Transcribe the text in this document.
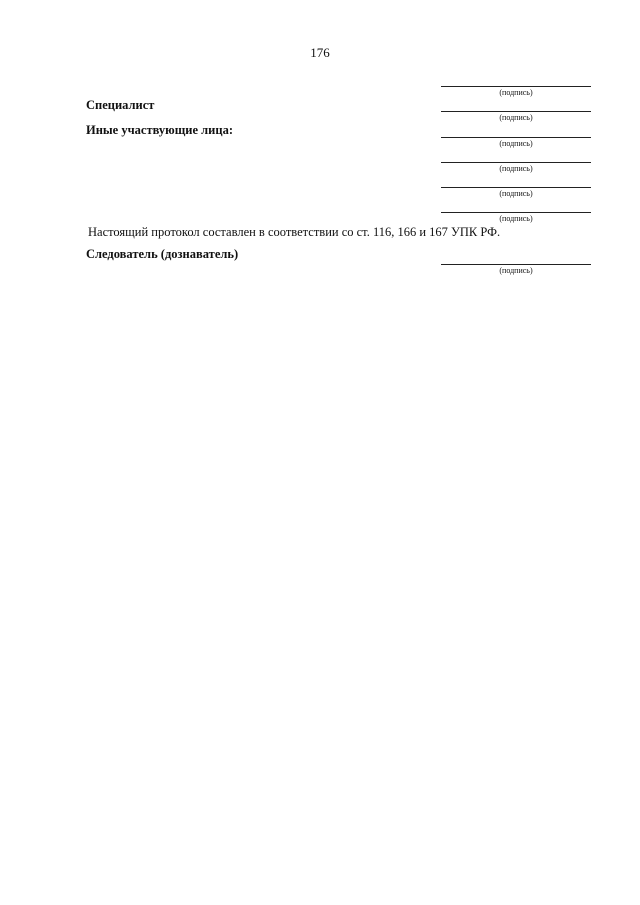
176
(подпись)
Специалист
(подпись)
Иные участвующие лица:
(подпись)
(подпись)
(подпись)
(подпись)
Настоящий протокол составлен в соответствии со ст. 116, 166 и 167 УПК РФ.
Следователь (дознаватель)
(подпись)
